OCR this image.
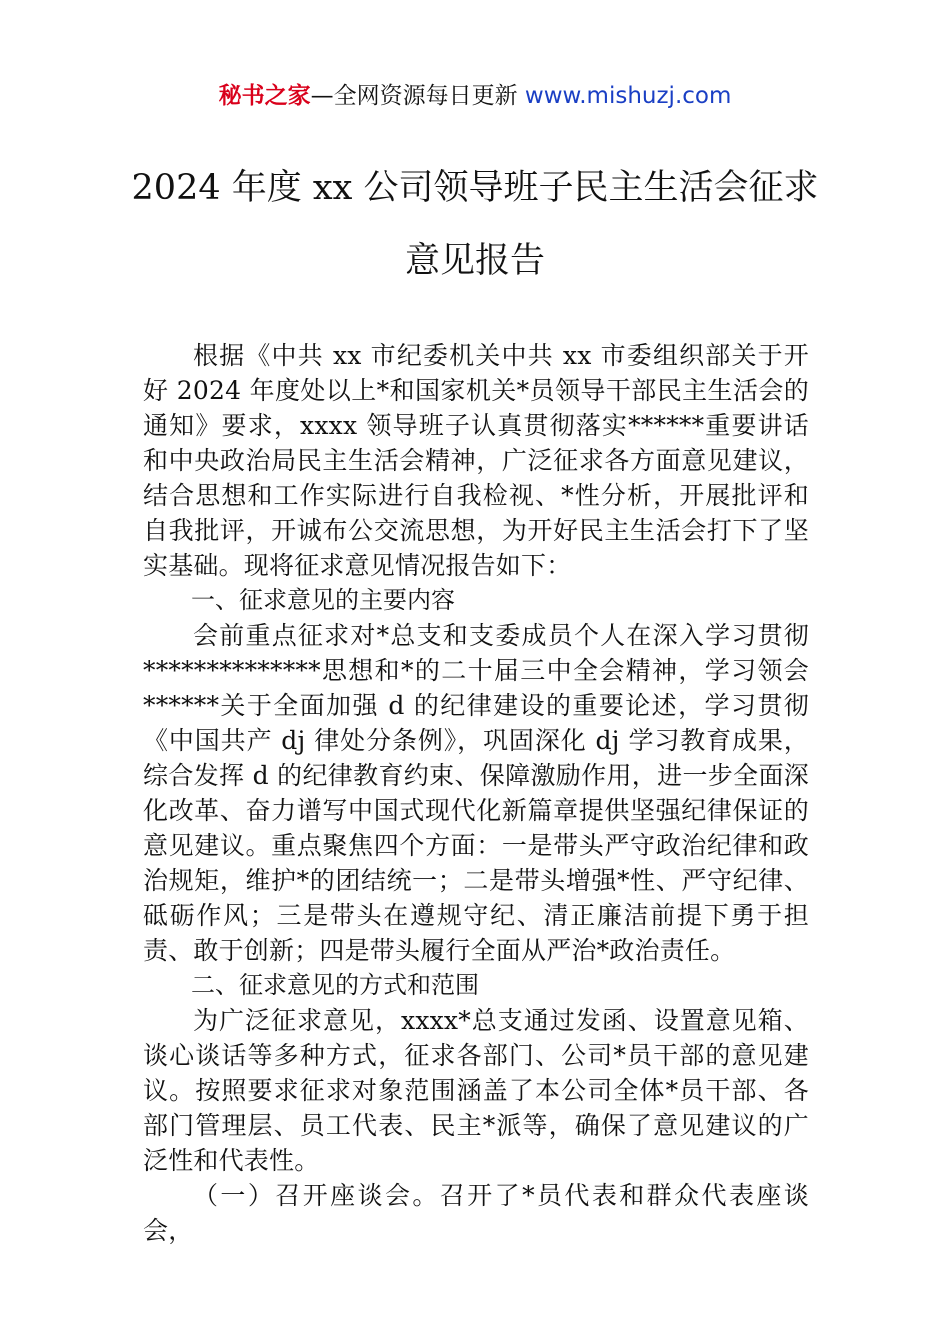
秘书之家—全网资源每日更新 www.mishuzj.com
2024 年度 xx 公司领导班子民主生活会征求
意见报告

根据《中共 xx 市纪委机关中共 xx 市委组织部关于开好 2024 年度处以上*和国家机关*员领导干部民主生活会的通知》要求，xxxx 领导班子认真贯彻落实******重要讲话和中央政治局民主生活会精神，广泛征求各方面意见建议，结合思想和工作实际进行自我检视、*性分析，开展批评和自我批评，开诚布公交流思想，为开好民主生活会打下了坚实基础。现将征求意见情况报告如下：

一、征求意见的主要内容

会前重点征求对*总支和支委成员个人在深入学习贯彻**************思想和*的二十届三中全会精神，学习领会******关于全面加强 d 的纪律建设的重要论述，学习贯彻《中国共产 dj 律处分条例》，巩固深化 dj 学习教育成果，综合发挥 d 的纪律教育约束、保障激励作用，进一步全面深化改革、奋力谱写中国式现代化新篇章提供坚强纪律保证的意见建议。重点聚焦四个方面：一是带头严守政治纪律和政治规矩，维护*的团结统一；二是带头增强*性、严守纪律、砥砺作风；三是带头在遵规守纪、清正廉洁前提下勇于担责、敢于创新；四是带头履行全面从严治*政治责任。

二、征求意见的方式和范围

为广泛征求意见，xxxx*总支通过发函、设置意见箱、谈心谈话等多种方式，征求各部门、公司*员干部的意见建议。按照要求征求对象范围涵盖了本公司全体*员干部、各部门管理层、员工代表、民主*派等，确保了意见建议的广泛性和代表性。

（一）召开座谈会。召开了*员代表和群众代表座谈会，
